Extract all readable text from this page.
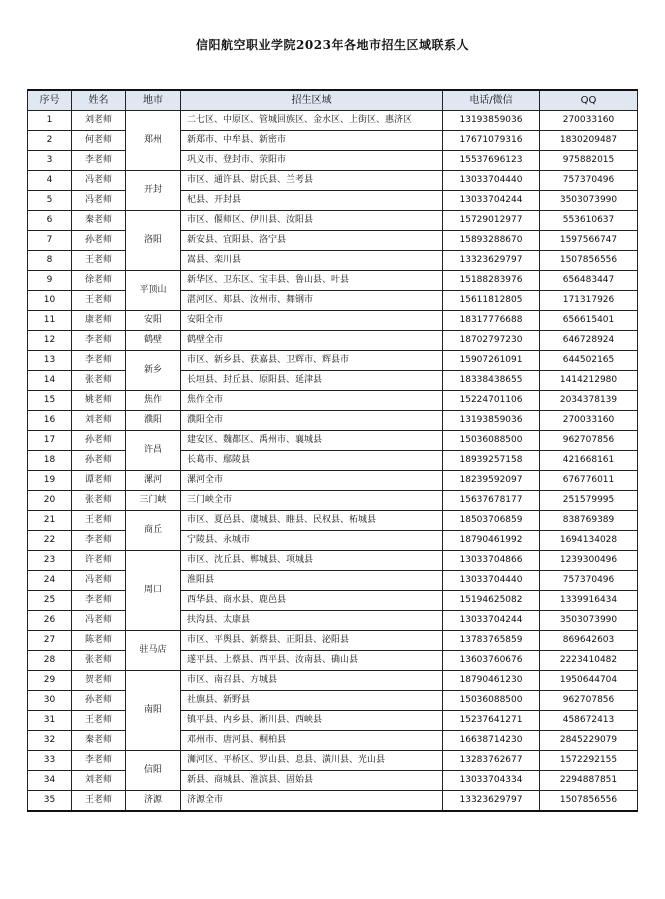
信阳航空职业学院2023年各地市招生区域联系人
序号	姓名	地市	招生区域	电话/微信	QQ
1	刘老师	郑州	二七区、中原区、管城回族区、金水区、上街区、惠济区	13193859036	270033160
2	何老师		新郑市、中牟县、新密市	17671079316	1830209487
3	李老师		巩义市、登封市、荥阳市	15537696123	975882015
4	冯老师	开封	市区、通许县、尉氏县、兰考县	13033704440	757370496
5	冯老师		杞县、开封县	13033704244	3503073990
6	秦老师	洛阳	市区、偃师区、伊川县、汝阳县	15729012977	553610637
7	孙老师		新安县、宜阳县、洛宁县	15893288670	1597566747
8	王老师		嵩县、栾川县	13323629797	1507856556
9	徐老师	平顶山	新华区、卫东区、宝丰县、鲁山县、叶县	15188283976	656483447
10	王老师		湛河区、郏县、汝州市、舞钢市	15611812805	171317926
11	康老师	安阳	安阳全市	18317776688	656615401
12	李老师	鹤壁	鹤壁全市	18702797230	646728924
13	李老师	新乡	市区、新乡县、获嘉县、卫辉市、辉县市	15907261091	644502165
14	张老师		长垣县、封丘县、原阳县、延津县	18338438655	1414212980
15	姚老师	焦作	焦作全市	15224701106	2034378139
16	刘老师	濮阳	濮阳全市	13193859036	270033160
17	孙老师	许昌	建安区、魏都区、禹州市、襄城县	15036088500	962707856
18	孙老师		长葛市、鄢陵县	18939257158	421668161
19	谭老师	漯河	漯河全市	18239592097	676776011
20	张老师	三门峡	三门峡全市	15637678177	251579995
21	王老师	商丘	市区、夏邑县、虞城县、睢县、民权县、柘城县	18503706859	838769389
22	李老师		宁陵县、永城市	18790461992	1694134028
23	许老师	周口	市区、沈丘县、郸城县、项城县	13033704866	1239300496
24	冯老师		淮阳县	13033704440	757370496
25	李老师		西华县、商水县、鹿邑县	15194625082	1339916434
26	冯老师		扶沟县、太康县	13033704244	3503073990
27	陈老师	驻马店	市区、平舆县、新蔡县、正阳县、泌阳县	13783765859	869642603
28	张老师		遂平县、上蔡县、西平县、汝南县、确山县	13603760676	2223410482
29	贺老师	南阳	市区、南召县、方城县	18790461230	1950644704
30	孙老师		社旗县、新野县	15036088500	962707856
31	王老师		镇平县、内乡县、淅川县、西峡县	15237641271	458672413
32	秦老师		邓州市、唐河县、桐柏县	16638714230	2845229079
33	李老师	信阳	浉河区、平桥区、罗山县、息县、潢川县、光山县	13283762677	1572292155
34	刘老师		新县、商城县、淮滨县、固始县	13033704334	2294887851
35	王老师	济源	济源全市	13323629797	1507856556
